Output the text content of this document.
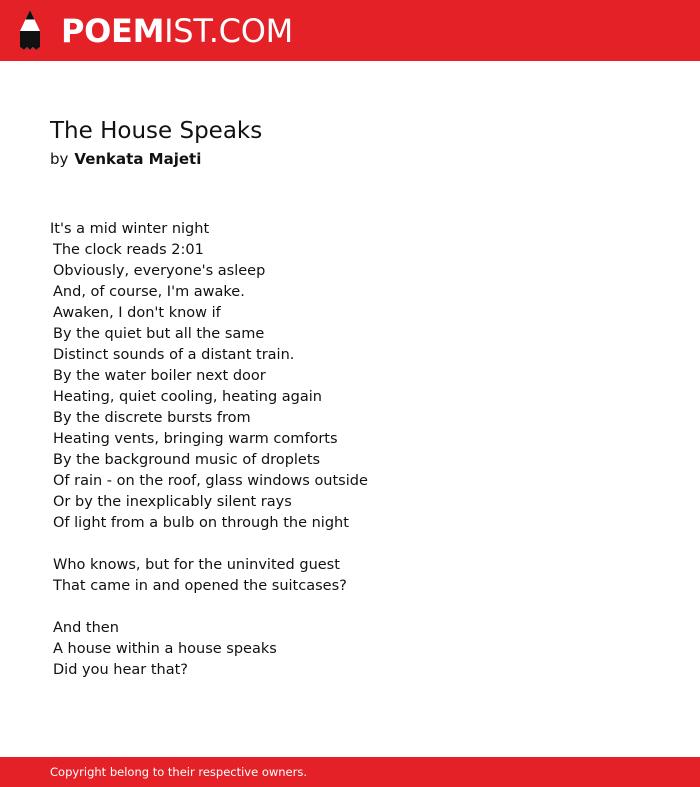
POEMIST.COM
The House Speaks
by Venkata Majeti
It's a mid winter night
The clock reads 2:01
Obviously, everyone's asleep
And, of course, I'm awake.
Awaken, I don't know if
By the quiet but all the same
Distinct sounds of a distant train.
By the water boiler next door
Heating, quiet cooling, heating again
By the discrete bursts from
Heating vents, bringing warm comforts
By the background music of droplets
Of rain - on the roof, glass windows outside
Or by the inexplicably silent rays
Of light from a bulb on through the night
Who knows, but for the uninvited guest
That came in and opened the suitcases?
And then
A house within a house speaks
Did you hear that?
Copyright belong to their respective owners.
